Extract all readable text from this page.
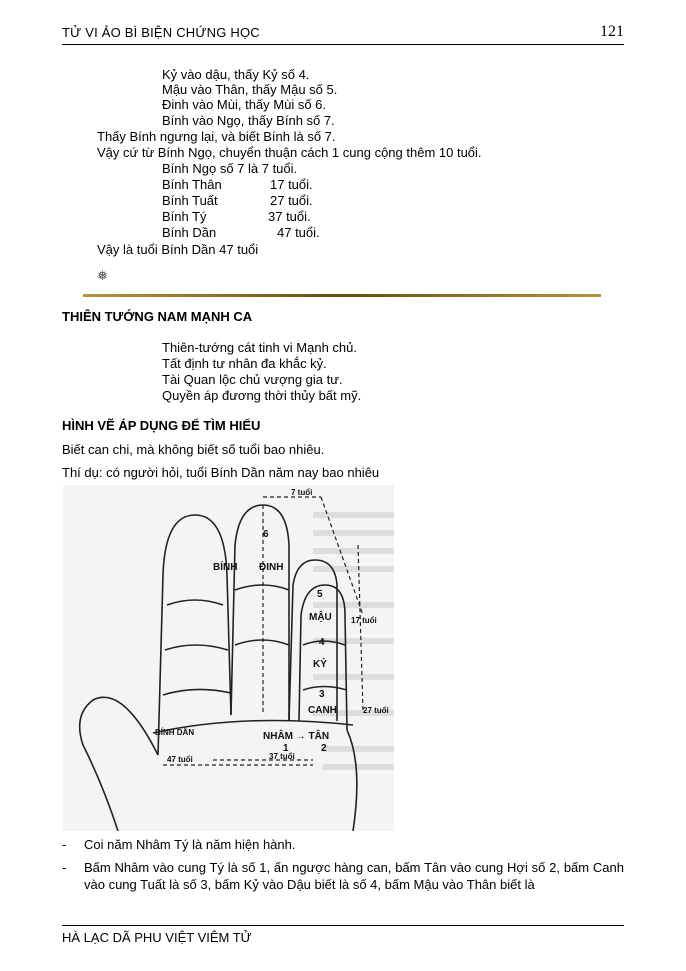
TỬ VI ẢO BÌ BIỆN CHỨNG HỌC	121
Kỷ vào dậu, thấy Kỷ số 4.
Mậu vào Thân, thấy Mậu số 5.
Đinh vào Mùi, thấy Mùi số 6.
Bính vào Ngọ, thấy Bính số 7.
Thấy Bính ngưng lại, và biết Bính là số 7.
Vậy cứ từ Bính Ngọ, chuyển thuận cách 1 cung cộng thêm 10 tuổi.
Bính Ngọ số 7 là 7 tuổi.
Bính Thân	17 tuổi.
Bính Tuất	27 tuổi.
Bính Tý	37 tuổi.
Bính Dần	47 tuổi.
Vậy là tuổi Bính Dần 47 tuổi
❅
THIÊN TƯỚNG NAM MẠNH CA
Thiên-tướng cát tinh vi Mạnh chủ.
Tất định tư nhân đa khắc kỷ.
Tài Quan lộc chủ vượng gia tư.
Quyền áp đương thời thủy bất mỹ.
HÌNH VẼ ÁP DỤNG ĐỂ TÌM HIỂU
Biết can chi, mà không biết số tuổi bao nhiêu.
Thí dụ: có người hỏi, tuổi Bính Dần năm nay bao nhiêu
BÍNH ĐINH
MẬU
KỶ
CANH
BÍNH DẦN	NHÂM → TÂN
6
5
4
3
1	2
7 tuổi
17 tuổi
27 tuổi
37 tuổi
47 tuổi
- Coi năm Nhâm Tý là năm hiện hành.
- Bấm Nhâm vào cung Tý là số 1, ấn ngược hàng can, bấm Tân vào cung Hợi số 2, bấm Canh vào cung Tuất là số 3, bấm Kỷ vào Dậu biết là số 4, bấm Mậu vào Thân biết là
HÀ LẠC DÃ PHU VIỆT VIÊM TỬ
